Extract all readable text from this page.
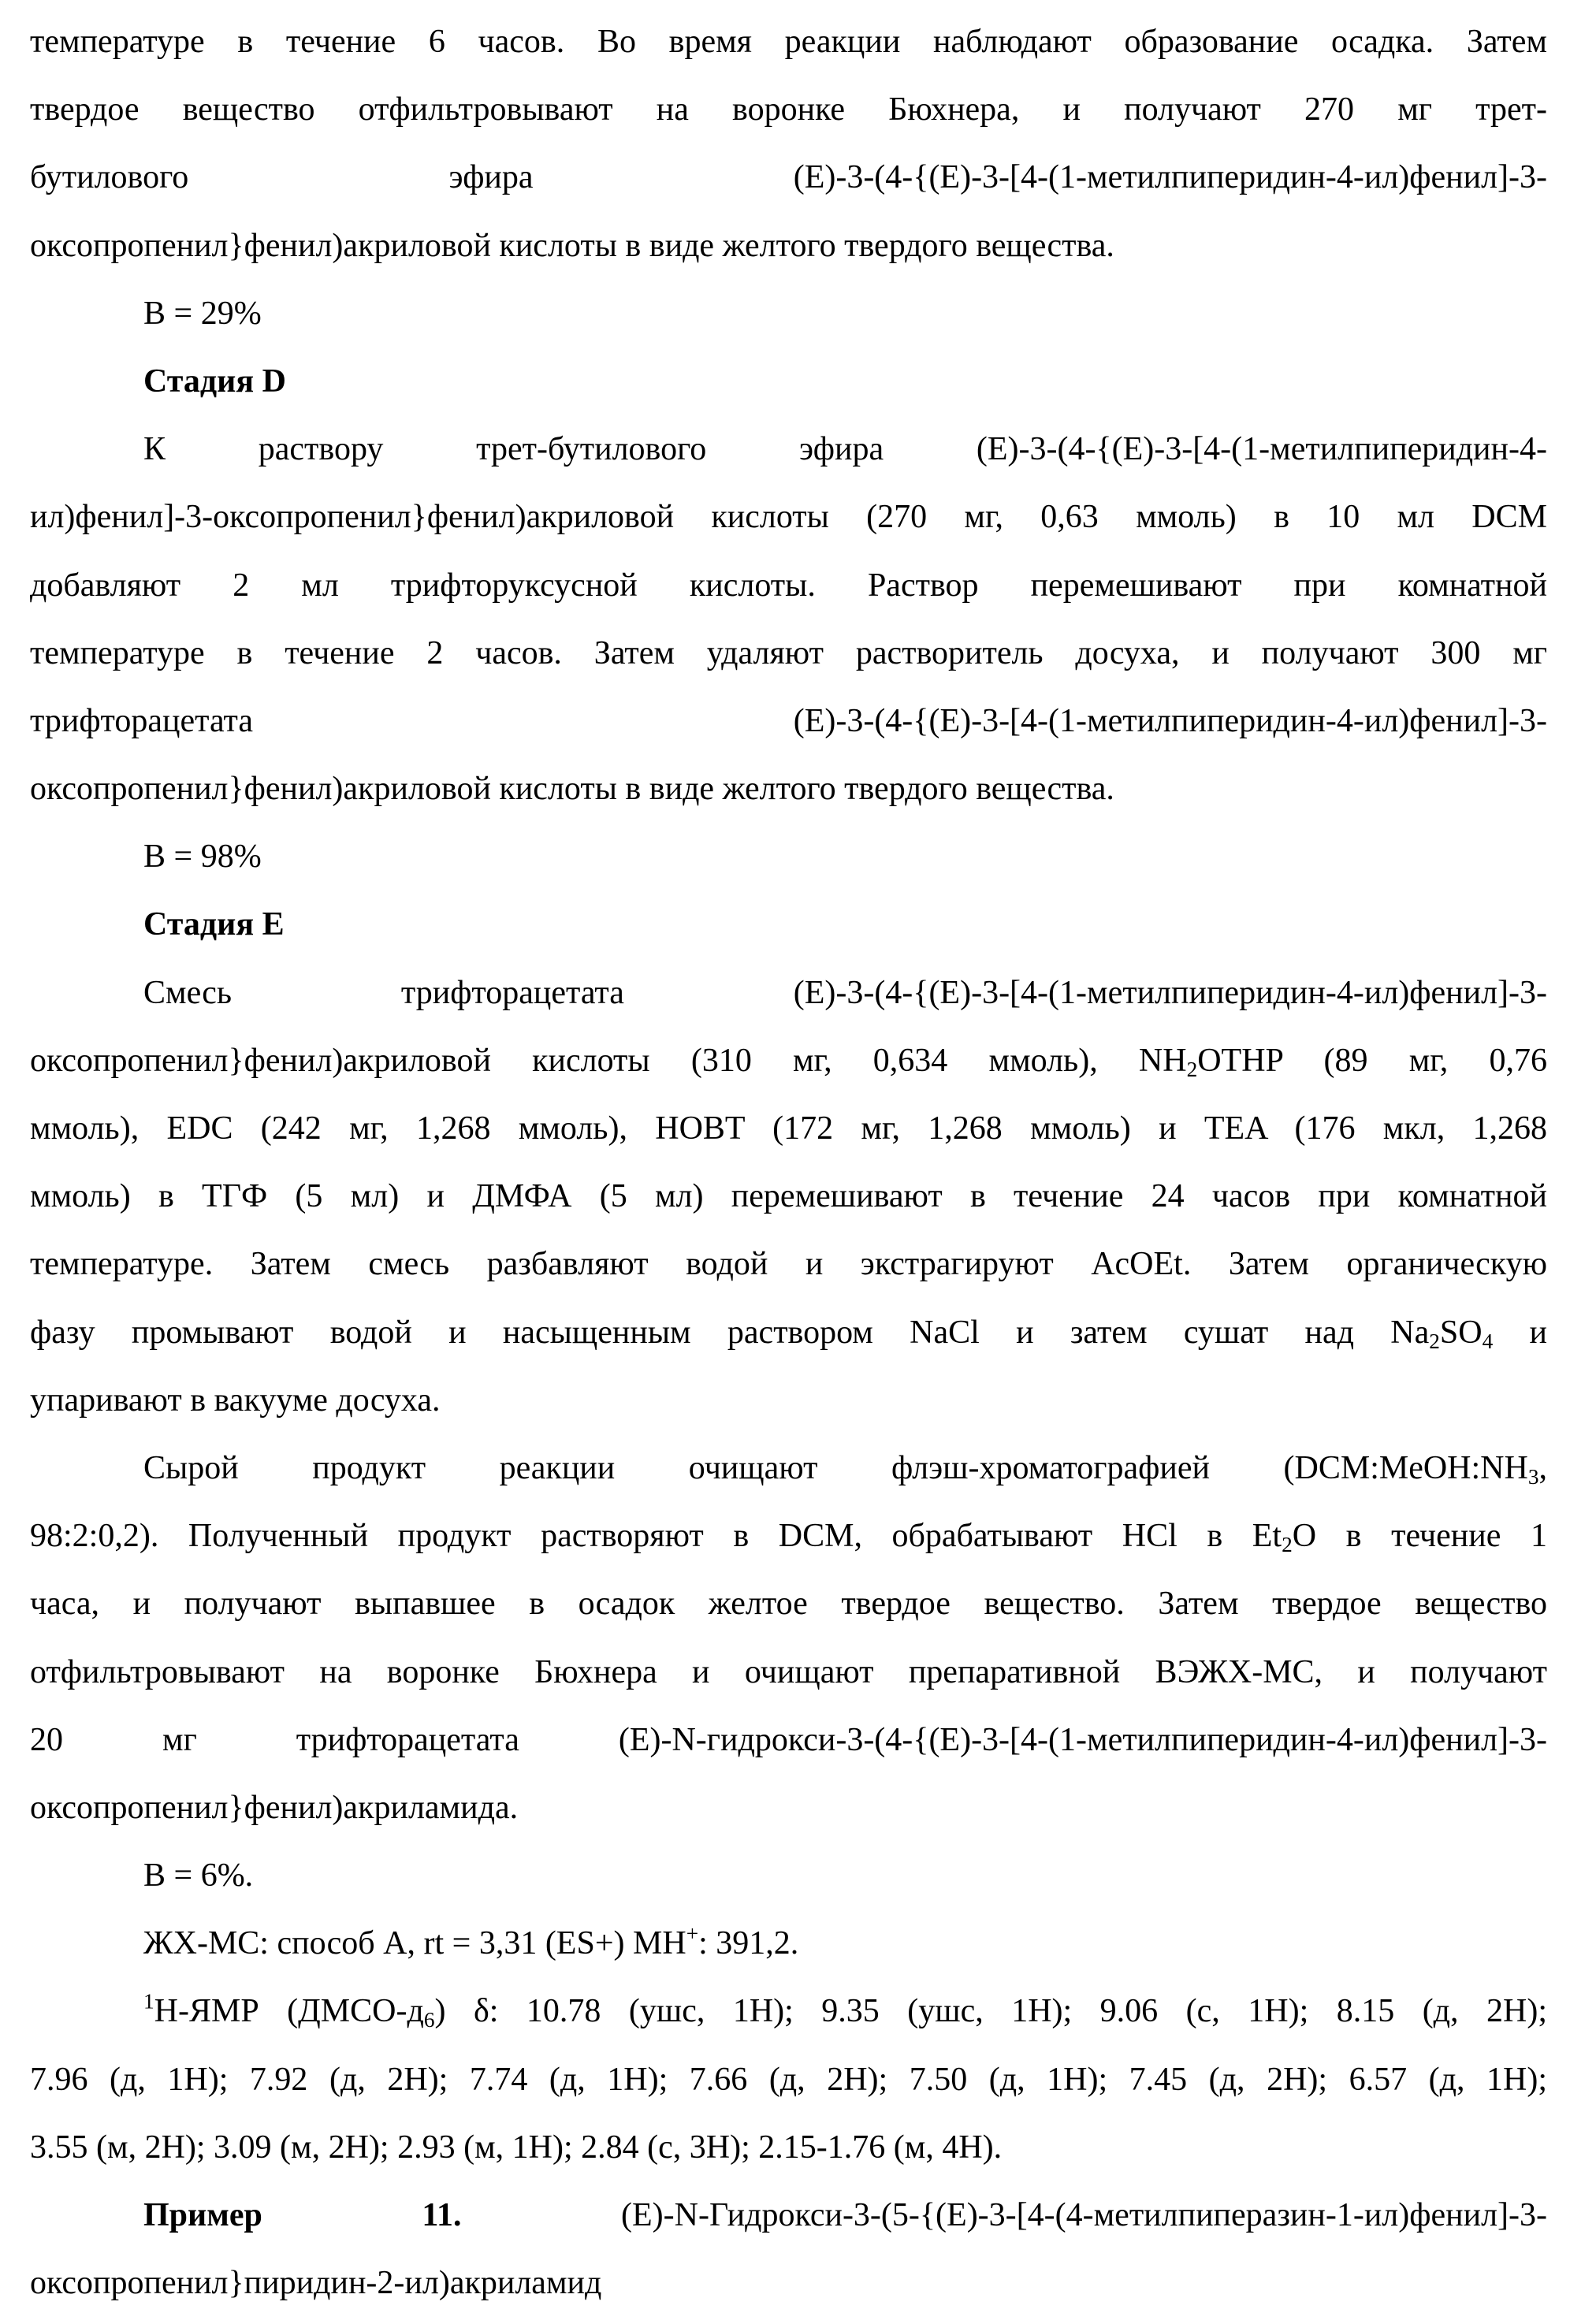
температуре в течение 6 часов. Во время реакции наблюдают образование осадка. Затем
твердое вещество отфильтровывают на воронке Бюхнера, и получают 270 мг трет-
бутилового эфира (E)-3-(4-{(E)-3-[4-(1-метилпиперидин-4-ил)фенил]-3-
оксопропенил}фенил)акриловой кислоты в виде желтого твердого вещества.
В = 29%
Стадия D
К раствору трет-бутилового эфира (E)-3-(4-{(E)-3-[4-(1-метилпиперидин-4-
ил)фенил]-3-оксопропенил}фенил)акриловой кислоты (270 мг, 0,63 ммоль) в 10 мл DCM
добавляют 2 мл трифторуксусной кислоты. Раствор перемешивают при комнатной
температуре в течение 2 часов. Затем удаляют растворитель досуха, и получают 300 мг
трифторацетата (E)-3-(4-{(E)-3-[4-(1-метилпиперидин-4-ил)фенил]-3-
оксопропенил}фенил)акриловой кислоты в виде желтого твердого вещества.
В = 98%
Стадия E
Смесь трифторацетата (E)-3-(4-{(E)-3-[4-(1-метилпиперидин-4-ил)фенил]-3-
оксопропенил}фенил)акриловой кислоты (310 мг, 0,634 ммоль), NH2OTHP (89 мг, 0,76
ммоль), EDC (242 мг, 1,268 ммоль), HOBT (172 мг, 1,268 ммоль) и TEA (176 мкл, 1,268
ммоль) в ТГФ (5 мл) и ДМФА (5 мл) перемешивают в течение 24 часов при комнатной
температуре. Затем смесь разбавляют водой и экстрагируют AcOEt. Затем органическую
фазу промывают водой и насыщенным раствором NaCl и затем сушат над Na2SO4 и
упаривают в вакууме досуха.
Сырой продукт реакции очищают флэш-хроматографией (DCM:MeOH:NH3,
98:2:0,2). Полученный продукт растворяют в DCM, обрабатывают HCl в Et2O в течение 1
часа, и получают выпавшее в осадок желтое твердое вещество. Затем твердое вещество
отфильтровывают на воронке Бюхнера и очищают препаративной ВЭЖХ-МС, и получают
20 мг трифторацетата (E)-N-гидрокси-3-(4-{(E)-3-[4-(1-метилпиперидин-4-ил)фенил]-3-
оксопропенил}фенил)акриламида.
В = 6%.
ЖХ-МС: способ А, rt = 3,31 (ES+) MH+: 391,2.
1H-ЯМР (ДМСО-д6) δ: 10.78 (ушс, 1H); 9.35 (ушс, 1H); 9.06 (с, 1H); 8.15 (д, 2H);
7.96 (д, 1H); 7.92 (д, 2H); 7.74 (д, 1H); 7.66 (д, 2H); 7.50 (д, 1H); 7.45 (д, 2H); 6.57 (д, 1H);
3.55 (м, 2H); 3.09 (м, 2H); 2.93 (м, 1H); 2.84 (с, 3H); 2.15-1.76 (м, 4H).
Пример 11. (E)-N-Гидрокси-3-(5-{(E)-3-[4-(4-метилпиперазин-1-ил)фенил]-3-
оксопропенил}пиридин-2-ил)акриламид
